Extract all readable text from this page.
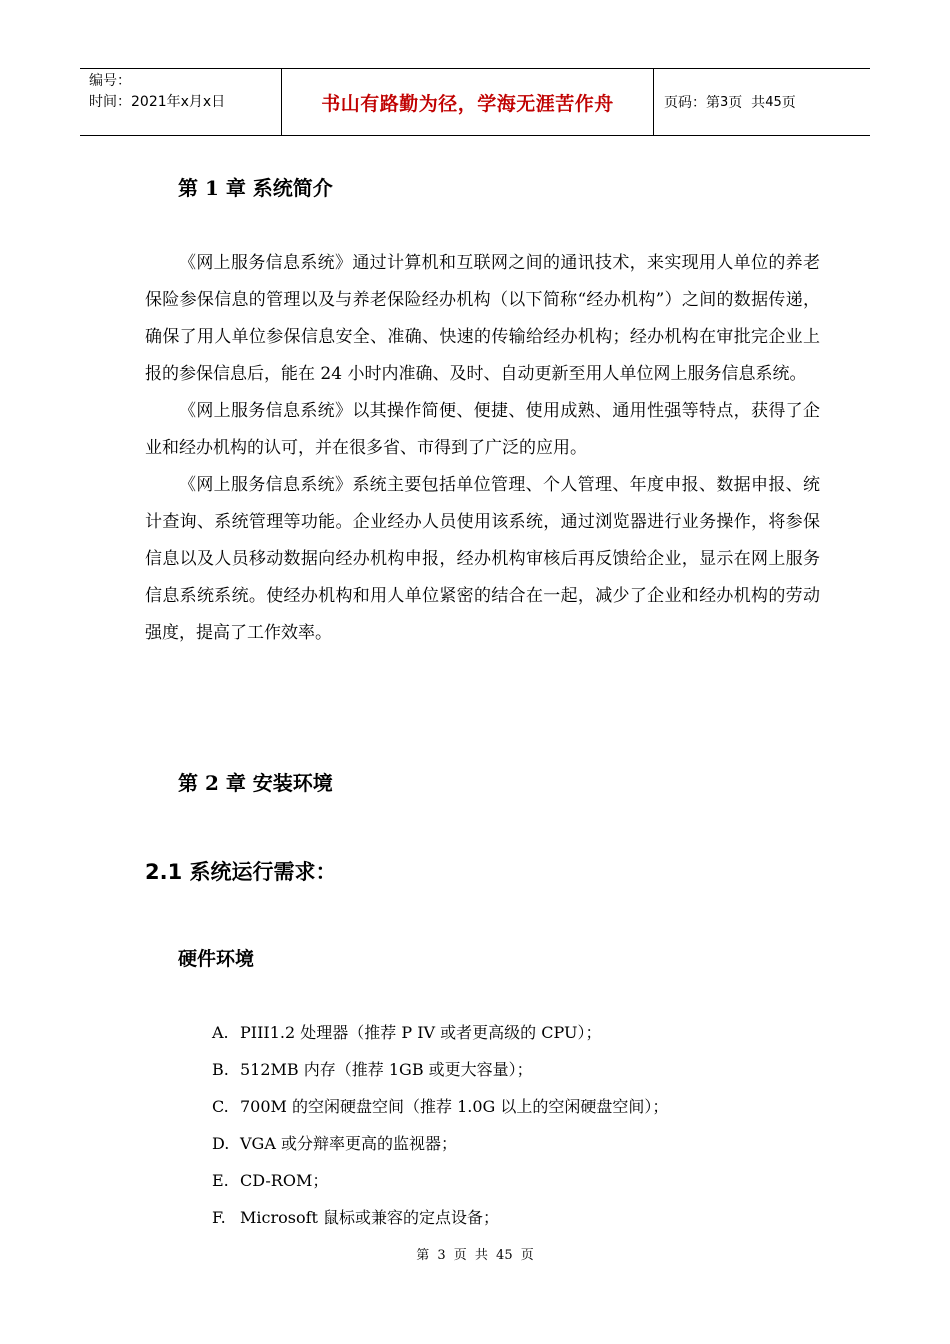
编号：
时间：2021年x月x日	书山有路勤为径，学海无涯苦作舟	页码：第 3 页  共 45 页
第 1 章 系统简介

《网上服务信息系统》通过计算机和互联网之间的通讯技术，来实现用人单位的养老保险参保信息的管理以及与养老保险经办机构（以下简称“经办机构”）之间的数据传递，确保了用人单位参保信息安全、准确、快速的传输给经办机构；经办机构在审批完企业上报的参保信息后，能在 24 小时内准确、及时、自动更新至用人单位网上服务信息系统。

《网上服务信息系统》以其操作简便、便捷、使用成熟、通用性强等特点，获得了企业和经办机构的认可，并在很多省、市得到了广泛的应用。

《网上服务信息系统》系统主要包括单位管理、个人管理、年度申报、数据申报、统计查询、系统管理等功能。企业经办人员使用该系统，通过浏览器进行业务操作，将参保信息以及人员移动数据向经办机构申报，经办机构审核后再反馈给企业，显示在网上服务信息系统系统。使经办机构和用人单位紧密的结合在一起，减少了企业和经办机构的劳动强度，提高了工作效率。

第 2 章 安装环境
2.1 系统运行需求：
硬件环境
A. PIII1.2 处理器（推荐 P IV 或者更高级的 CPU）；
B. 512MB 内存（推荐 1GB 或更大容量）；
C. 700M 的空闲硬盘空间（推荐 1.0G 以上的空闲硬盘空间）；
D. VGA 或分辩率更高的监视器；
E. CD-ROM；
F. Microsoft 鼠标或兼容的定点设备；
第 3 页 共 45 页
